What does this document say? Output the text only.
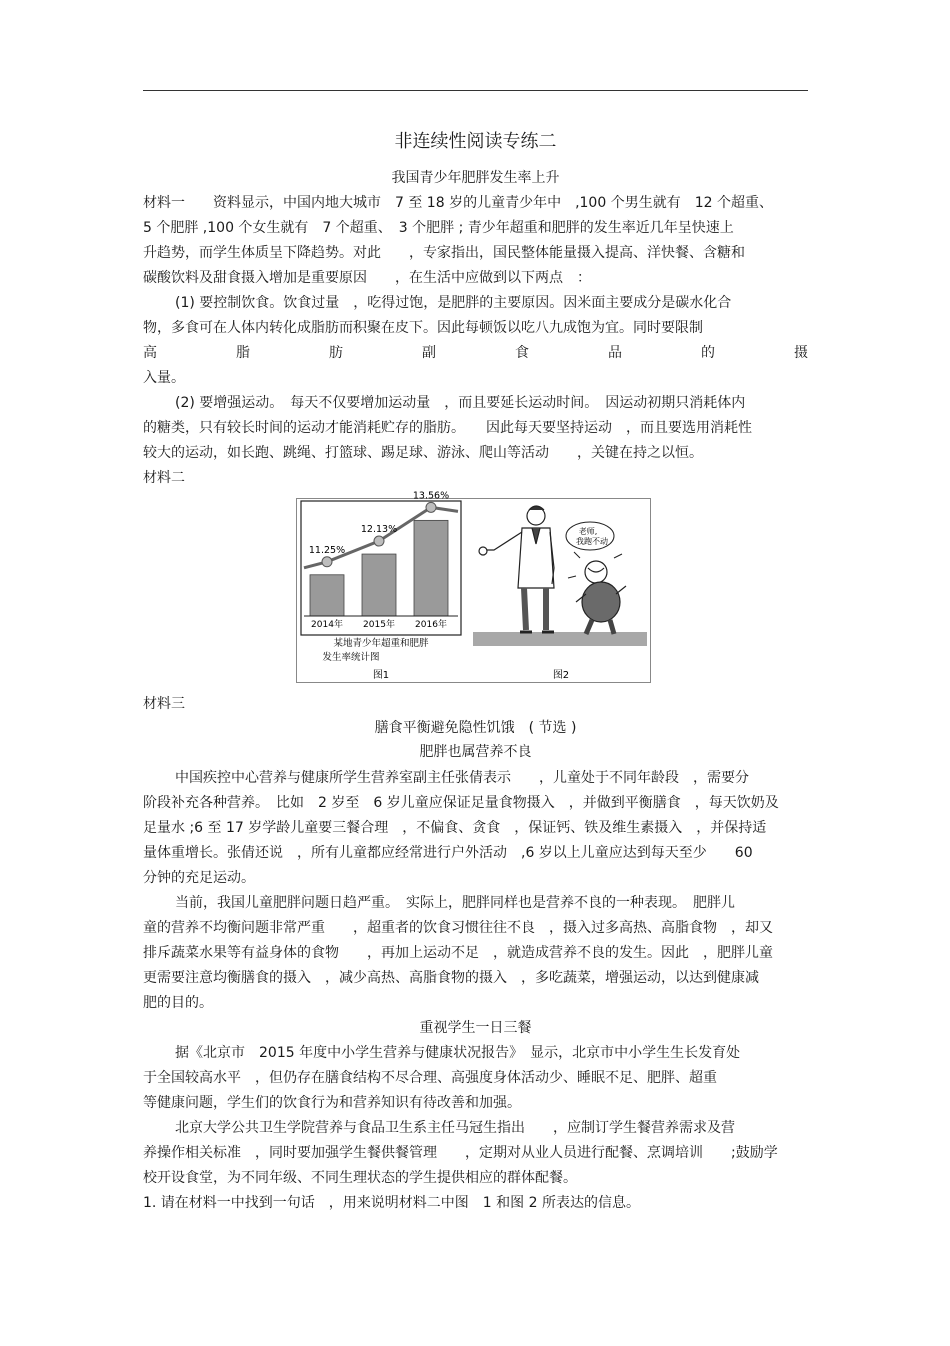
非连续性阅读专练二
我国青少年肥胖发生率上升
材料一　　资料显示，中国内地大城市　7 至 18 岁的儿童青少年中　,100 个男生就有　12 个超重、
5 个肥胖 ,100 个女生就有　7 个超重、　3 个肥胖 ; 青少年超重和肥胖的发生率近几年呈快速上
升趋势，而学生体质呈下降趋势。对此　　，专家指出，国民整体能量摄入提高、洋快餐、含糖和
碳酸饮料及甜食摄入增加是重要原因　　，在生活中应做到以下两点　：
(1) 要控制饮食。饮食过量　，吃得过饱，是肥胖的主要原因。因米面主要成分是碳水化合
物，多食可在人体内转化成脂肪而积聚在皮下。因此每顿饭以吃八九成饱为宜。同时要限制
高	脂	肪	副	食	品	的	摄
入量。
(2) 要增强运动。　每天不仅要增加运动量　，而且要延长运动时间。　因运动初期只消耗体内
的糖类，只有较长时间的运动才能消耗贮存的脂肪。　　因此每天要坚持运动　，而且要选用消耗性
较大的运动，如长跑、跳绳、打篮球、踢足球、游泳、爬山等活动　　，关键在持之以恒。
材料二
2014年 2015年 2016年
11.25%
12.13%
13.56%
某地青少年超重和肥胖
发生率统计图
图1
老师,
我跑不动
图2
材料三
膳食平衡避免隐性饥饿　( 节选 )
肥胖也属营养不良
中国疾控中心营养与健康所学生营养室副主任张倩表示　　，儿童处于不同年龄段　，需要分
阶段补充各种营养。　比如　2 岁至　6 岁儿童应保证足量食物摄入　，并做到平衡膳食　，每天饮奶及
足量水 ;6 至 17 岁学龄儿童要三餐合理　，不偏食、贪食　，保证钙、铁及维生素摄入　，并保持适
量体重增长。张倩还说　，所有儿童都应经常进行户外活动　,6 岁以上儿童应达到每天至少　　60
分钟的充足运动。
当前，我国儿童肥胖问题日趋严重。　实际上，肥胖同样也是营养不良的一种表现。　肥胖儿
童的营养不均衡问题非常严重　　，超重者的饮食习惯往往不良　，摄入过多高热、高脂食物　，却又
排斥蔬菜水果等有益身体的食物　　，再加上运动不足　，就造成营养不良的发生。因此　，肥胖儿童
更需要注意均衡膳食的摄入　，减少高热、高脂食物的摄入　，多吃蔬菜，增强运动，以达到健康减
肥的目的。
重视学生一日三餐
据《北京市　2015 年度中小学生营养与健康状况报告》　显示，北京市中小学生生长发育处
于全国较高水平　，但仍存在膳食结构不尽合理、高强度身体活动少、睡眠不足、肥胖、超重
等健康问题，学生们的饮食行为和营养知识有待改善和加强。
北京大学公共卫生学院营养与食品卫生系主任马冠生指出　　，应制订学生餐营养需求及营
养操作相关标准　，同时要加强学生餐供餐管理　　，定期对从业人员进行配餐、烹调培训　　;鼓励学
校开设食堂，为不同年级、不同生理状态的学生提供相应的群体配餐。
1. 请在材料一中找到一句话　，用来说明材料二中图　1 和图 2 所表达的信息。
